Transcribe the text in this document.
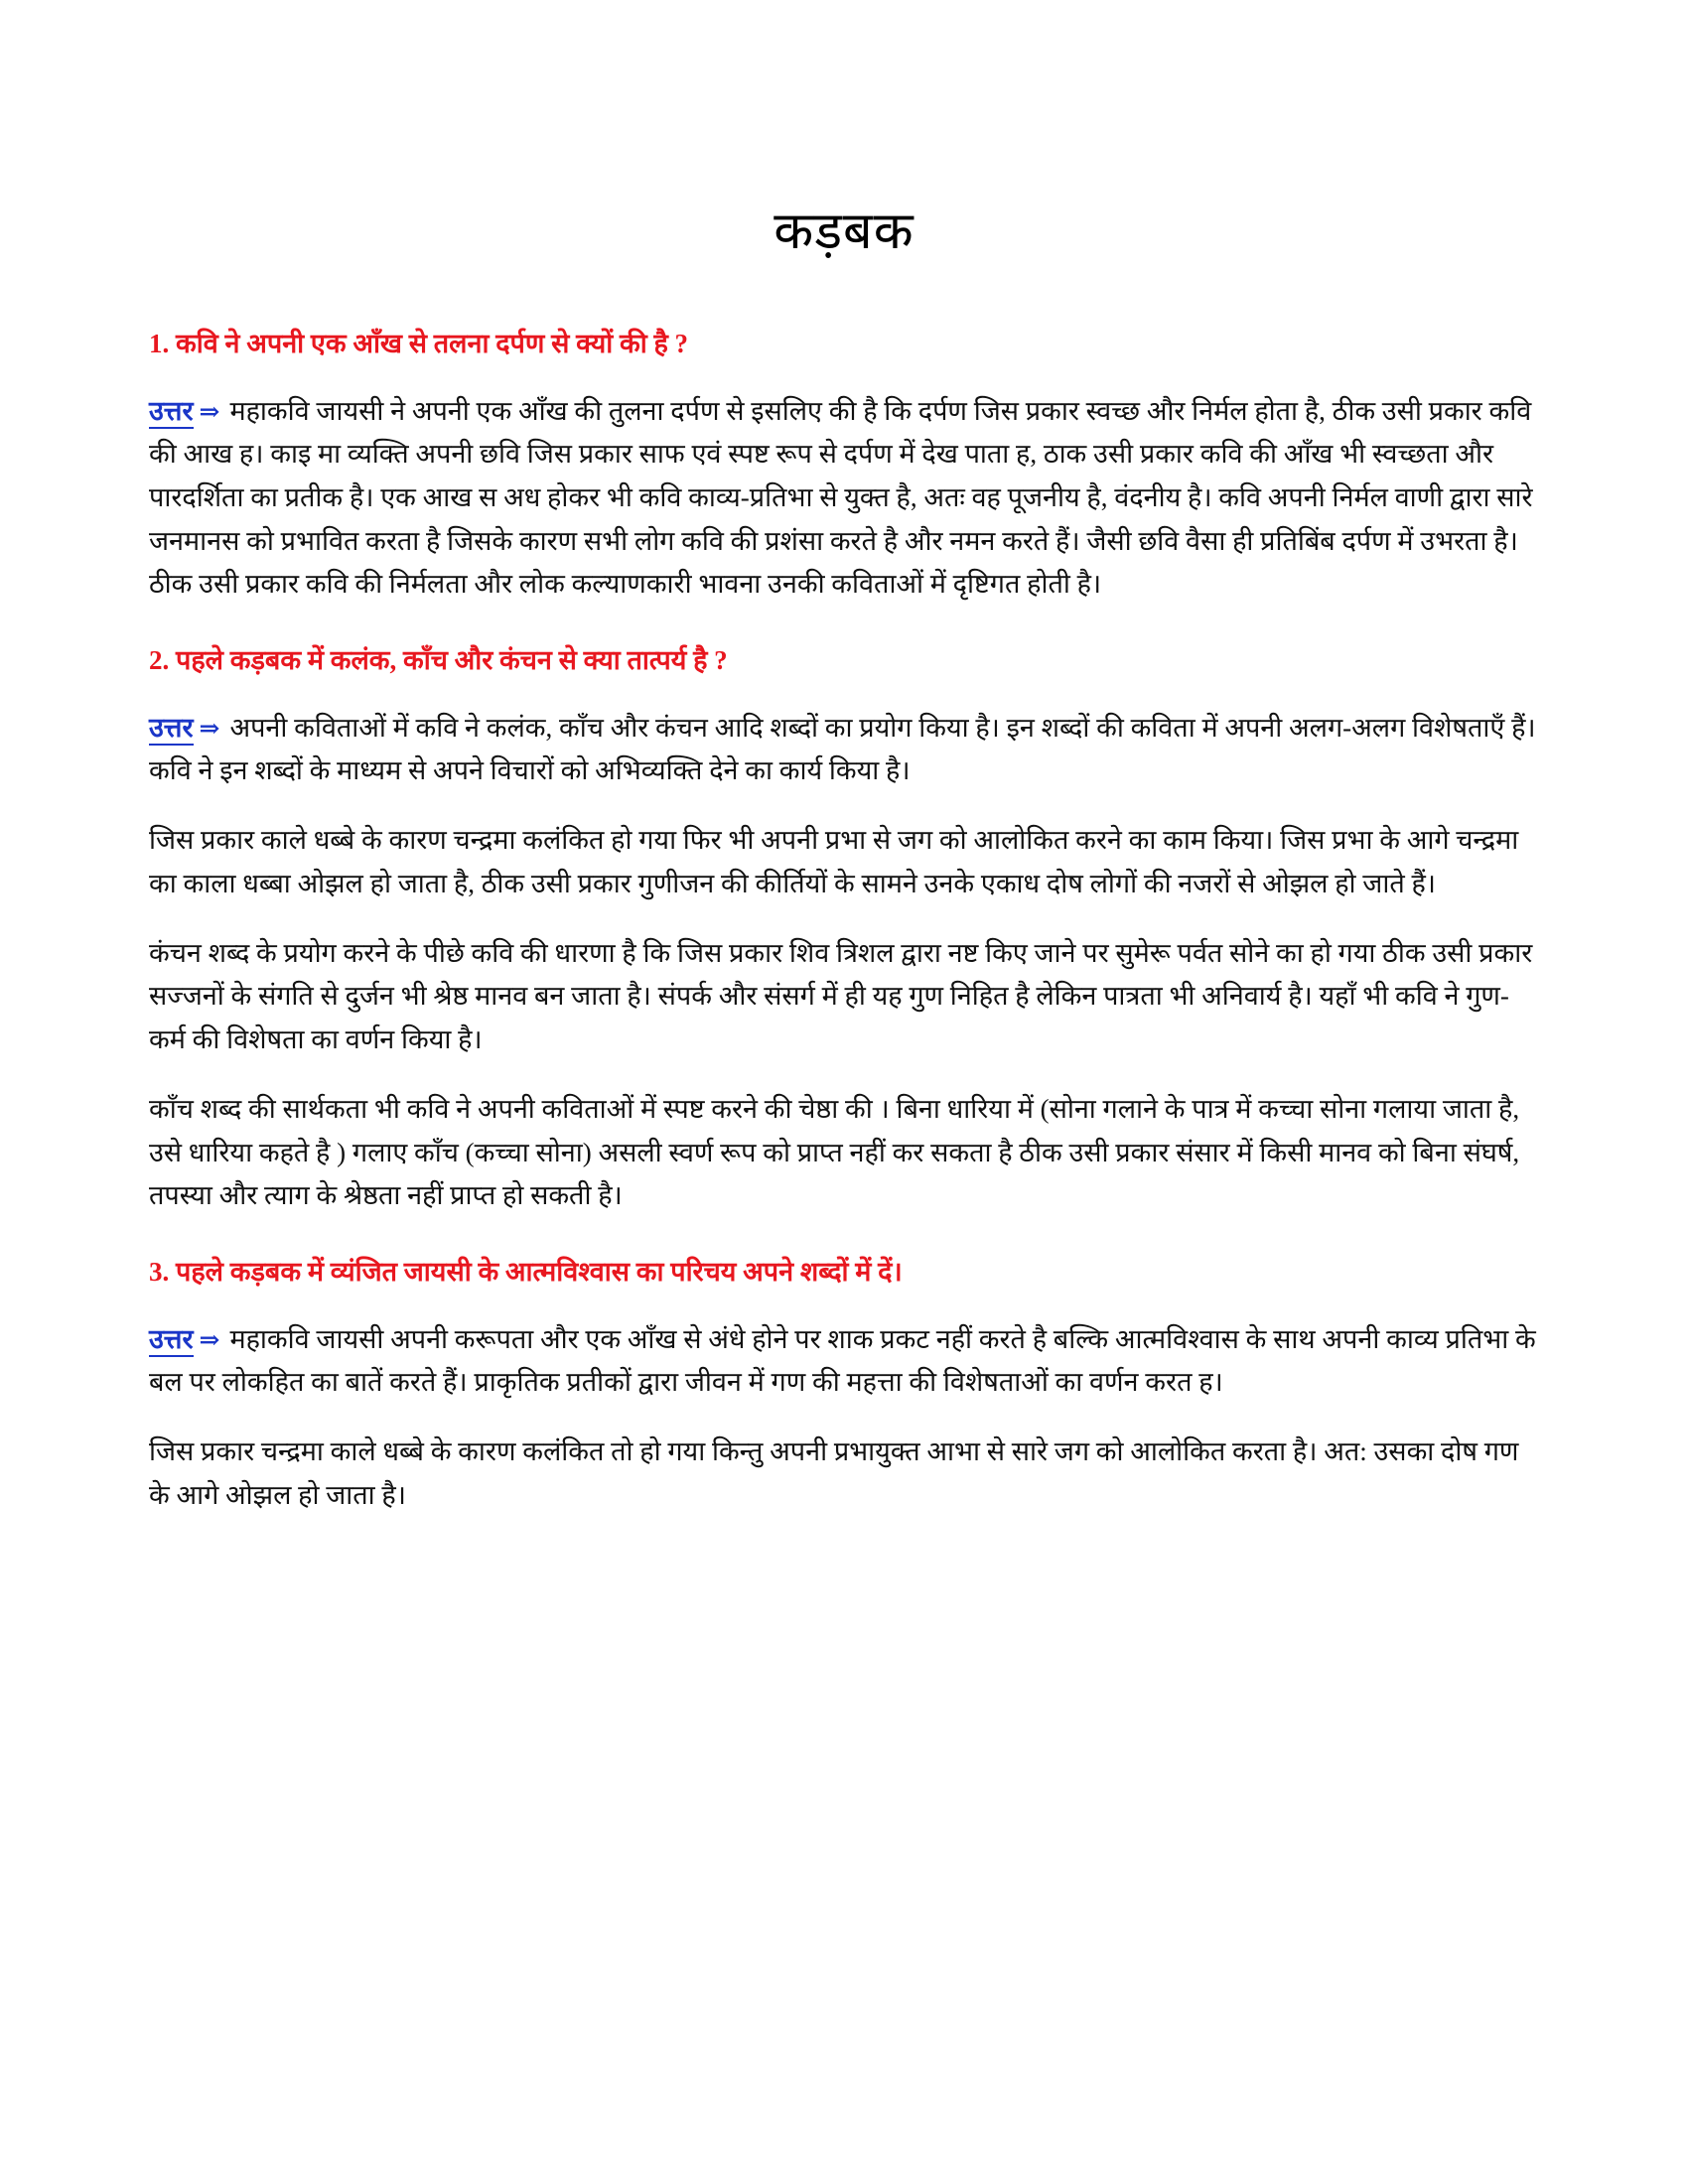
कड़बक

1. कवि ने अपनी एक आँख से तलना दर्पण से क्यों की है ?

उत्तर ⇒ महाकवि जायसी ने अपनी एक आँख की तुलना दर्पण से इसलिए की है कि दर्पण जिस प्रकार स्वच्छ और निर्मल होता है, ठीक उसी प्रकार कवि की आख ह। काइ मा व्यक्ति अपनी छवि जिस प्रकार साफ एवं स्पष्ट रूप से दर्पण में देख पाता ह, ठाक उसी प्रकार कवि की आँख भी स्वच्छता और पारदर्शिता का प्रतीक है। एक आख स अध होकर भी कवि काव्य-प्रतिभा से युक्त है, अतः वह पूजनीय है, वंदनीय है। कवि अपनी निर्मल वाणी द्वारा सारे जनमानस को प्रभावित करता है जिसके कारण सभी लोग कवि की प्रशंसा करते है और नमन करते हैं। जैसी छवि वैसा ही प्रतिबिंब दर्पण में उभरता है। ठीक उसी प्रकार कवि की निर्मलता और लोक कल्याणकारी भावना उनकी कविताओं में दृष्टिगत होती है।

2. पहले कड़बक में कलंक, काँच और कंचन से क्या तात्पर्य है ?

उत्तर ⇒ अपनी कविताओं में कवि ने कलंक, काँच और कंचन आदि शब्दों का प्रयोग किया है। इन शब्दों की कविता में अपनी अलग-अलग विशेषताएँ हैं। कवि ने इन शब्दों के माध्यम से अपने विचारों को अभिव्यक्ति देने का कार्य किया है।

जिस प्रकार काले धब्बे के कारण चन्द्रमा कलंकित हो गया फिर भी अपनी प्रभा से जग को आलोकित करने का काम किया। जिस प्रभा के आगे चन्द्रमा का काला धब्बा ओझल हो जाता है, ठीक उसी प्रकार गुणीजन की कीर्तियों के सामने उनके एकाध दोष लोगों की नजरों से ओझल हो जाते हैं।

कंचन शब्द के प्रयोग करने के पीछे कवि की धारणा है कि जिस प्रकार शिव त्रिशल द्वारा नष्ट किए जाने पर सुमेरू पर्वत सोने का हो गया ठीक उसी प्रकार सज्जनों के संगति से दुर्जन भी श्रेष्ठ मानव बन जाता है। संपर्क और संसर्ग में ही यह गुण निहित है लेकिन पात्रता भी अनिवार्य है। यहाँ भी कवि ने गुण-कर्म की विशेषता का वर्णन किया है।

काँच शब्द की सार्थकता भी कवि ने अपनी कविताओं में स्पष्ट करने की चेष्ठा की । बिना धारिया में (सोना गलाने के पात्र में कच्चा सोना गलाया जाता है, उसे धारिया कहते है ) गलाए काँच (कच्चा सोना) असली स्वर्ण रूप को प्राप्त नहीं कर सकता है ठीक उसी प्रकार संसार में किसी मानव को बिना संघर्ष, तपस्या और त्याग के श्रेष्ठता नहीं प्राप्त हो सकती है।

3. पहले कड़बक में व्यंजित जायसी के आत्मविश्वास का परिचय अपने शब्दों में दें।

उत्तर ⇒ महाकवि जायसी अपनी करूपता और एक आँख से अंधे होने पर शाक प्रकट नहीं करते है बल्कि आत्मविश्वास के साथ अपनी काव्य प्रतिभा के बल पर लोकहित का बातें करते हैं। प्राकृतिक प्रतीकों द्वारा जीवन में गण की महत्ता की विशेषताओं का वर्णन करत ह।

जिस प्रकार चन्द्रमा काले धब्बे के कारण कलंकित तो हो गया किन्तु अपनी प्रभायुक्त आभा से सारे जग को आलोकित करता है। अत: उसका दोष गण के आगे ओझल हो जाता है।
